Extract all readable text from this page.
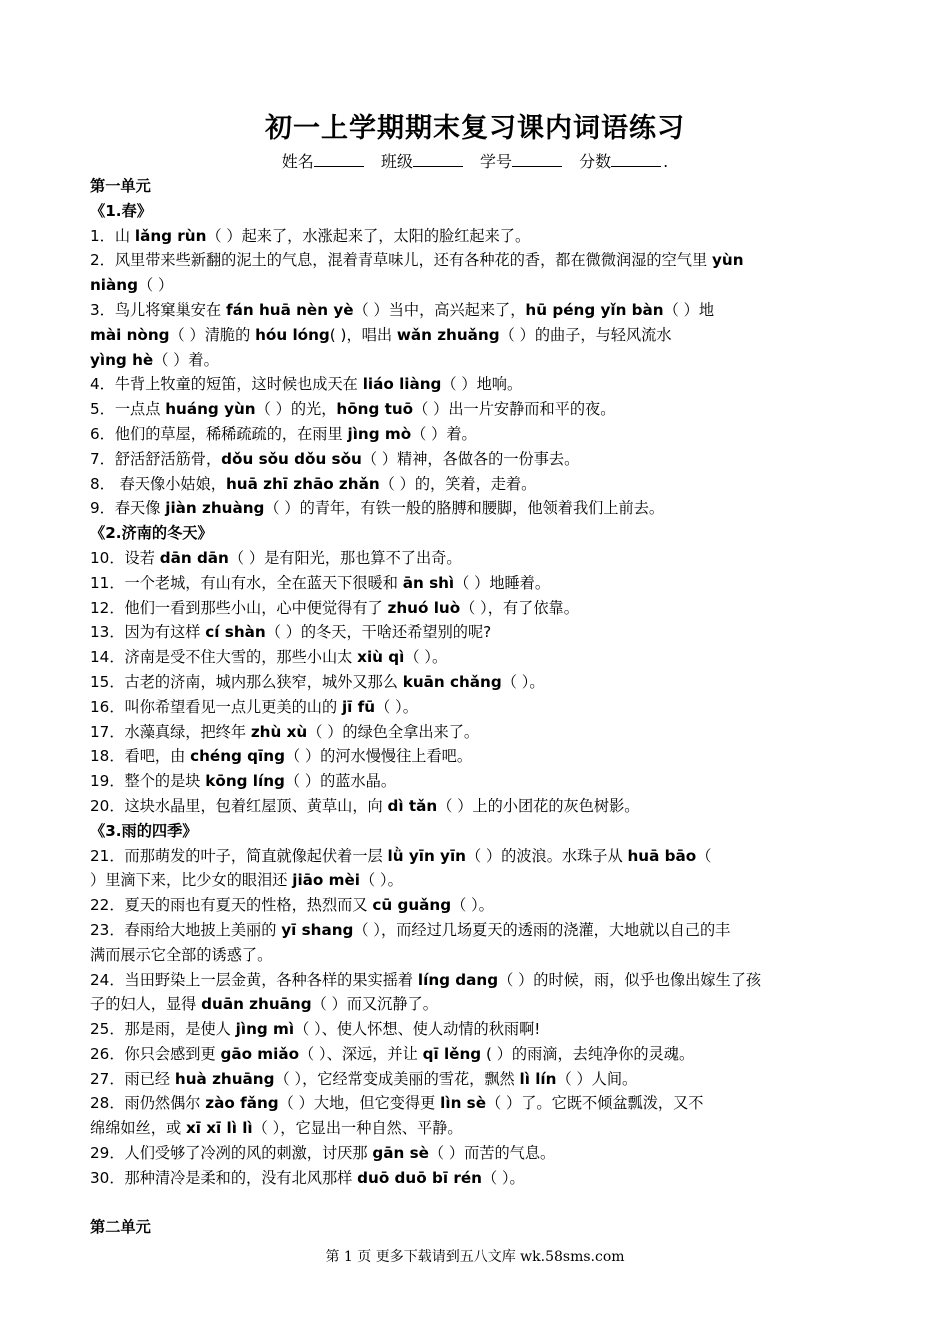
初一上学期期末复习课内词语练习
姓名	班级	学号	分数	.
第一单元
《1.春》
1．山 lǎng rùn（ ）起来了，水涨起来了，太阳的脸红起来了。
2．风里带来些新翻的泥土的气息，混着青草味儿，还有各种花的香，都在微微润湿的空气里 yùn
niàng（ ）
3．鸟儿将窠巢安在 fán huā nèn yè（ ）当中，高兴起来了，hū péng yǐn bàn（ ）地
mài nòng（ ）清脆的 hóu lóng( )，唱出 wǎn zhuǎng（ ）的曲子，与轻风流水
yìng hè（ ）着。
4．牛背上牧童的短笛，这时候也成天在 liáo liàng（ ）地响。
5．一点点 huáng yùn（ ）的光，hōng tuō（ ）出一片安静而和平的夜。
6．他们的草屋，稀稀疏疏的，在雨里 jìng mò（ ）着。
7．舒活舒活筋骨，dǒu sǒu dǒu sǒu（ ）精神，各做各的一份事去。
8． 春天像小姑娘，huā zhī zhāo zhǎn（ ）的，笑着，走着。
9．春天像 jiàn zhuàng（ ）的青年，有铁一般的胳膊和腰脚，他领着我们上前去。
《2.济南的冬天》
10．设若 dān dān（ ）是有阳光，那也算不了出奇。
11．一个老城，有山有水，全在蓝天下很暖和 ān shì（ ）地睡着。
12．他们一看到那些小山，心中便觉得有了 zhuó luò（ ），有了依靠。
13．因为有这样 cí shàn（ ）的冬天，干啥还希望别的呢?
14．济南是受不住大雪的，那些小山太 xiù qì（ ）。
15．古老的济南，城内那么狭窄，城外又那么 kuān chǎng（ ）。
16．叫你希望看见一点儿更美的山的 jī fū（ ）。
17．水藻真绿，把终年 zhù xù（ ）的绿色全拿出来了。
18．看吧，由 chéng qīng（ ）的河水慢慢往上看吧。
19．整个的是块 kōng líng（ ）的蓝水晶。
20．这块水晶里，包着红屋顶、黄草山，向 dì tǎn（ ）上的小团花的灰色树影。
《3.雨的四季》
21．而那萌发的叶子，简直就像起伏着一层 lǜ yīn yīn（ ）的波浪。水珠子从 huā bāo（
）里滴下来，比少女的眼泪还 jiāo mèi（ ）。
22．夏天的雨也有夏天的性格，热烈而又 cū guǎng（ ）。
23．春雨给大地披上美丽的 yī shang（ ），而经过几场夏天的透雨的浇灌，大地就以自己的丰
满而展示它全部的诱惑了。
24．当田野染上一层金黄，各种各样的果实摇着 líng dang（ ）的时候，雨，似乎也像出嫁生了孩
子的妇人，显得 duān zhuāng（ ）而又沉静了。
25．那是雨，是使人 jìng mì（ ）、使人怀想、使人动情的秋雨啊!
26．你只会感到更 gāo miǎo（ ）、深远，并让 qī lěng ( ）的雨滴，去纯净你的灵魂。
27．雨已经 huà zhuāng（ ），它经常变成美丽的雪花，飘然 lì lín（ ）人间。
28．雨仍然偶尔 zào fǎng（ ）大地，但它变得更 lìn sè（ ）了。它既不倾盆瓢泼，又不
绵绵如丝，或 xī xī lì lì（ ），它显出一种自然、平静。
29．人们受够了冷冽的风的刺激，讨厌那 gān sè（ ）而苦的气息。
30．那种清冷是柔和的，没有北风那样 duō duō bī rén（ ）。
第二单元
第 1 页 更多下载请到五八文库 wk.58sms.com
